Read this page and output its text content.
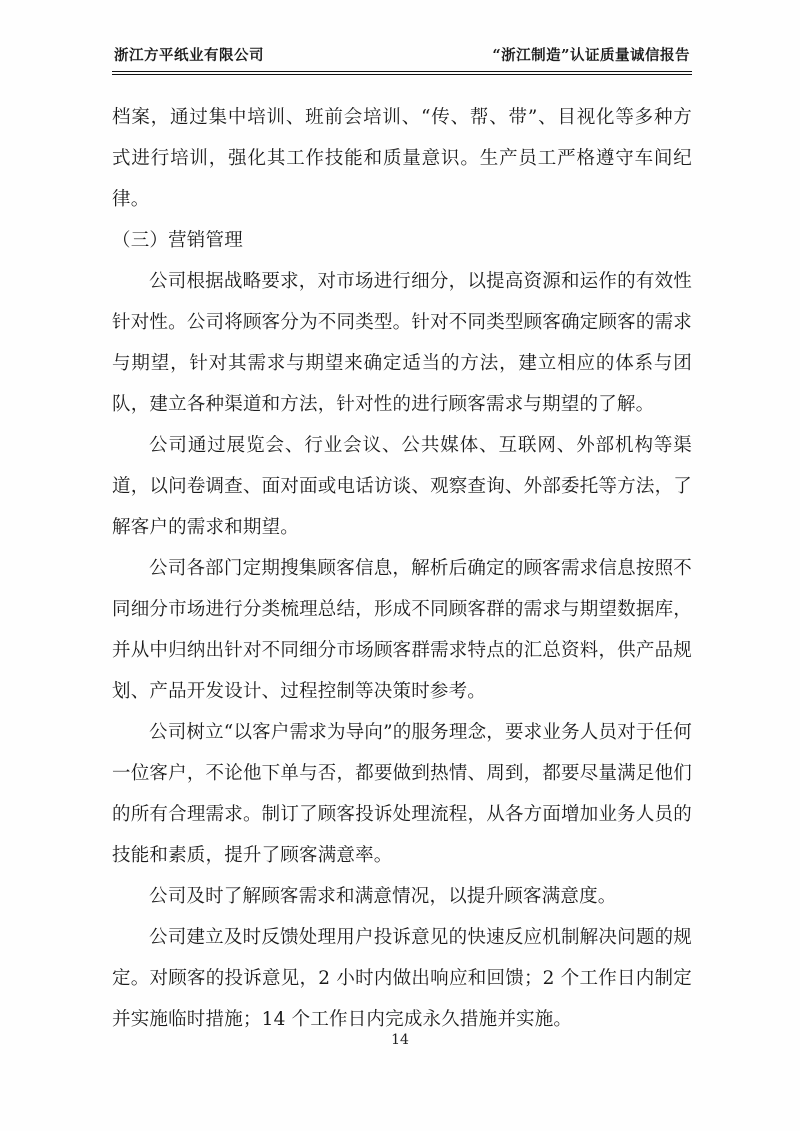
浙江方平纸业有限公司	“浙江制造”认证质量诚信报告

档案，通过集中培训、班前会培训、“传、帮、带”、目视化等多种方式进行培训，强化其工作技能和质量意识。生产员工严格遵守车间纪律。

（三）营销管理

公司根据战略要求，对市场进行细分，以提高资源和运作的有效性针对性。公司将顾客分为不同类型。针对不同类型顾客确定顾客的需求与期望，针对其需求与期望来确定适当的方法，建立相应的体系与团队，建立各种渠道和方法，针对性的进行顾客需求与期望的了解。

公司通过展览会、行业会议、公共媒体、互联网、外部机构等渠道，以问卷调查、面对面或电话访谈、观察查询、外部委托等方法，了解客户的需求和期望。

公司各部门定期搜集顾客信息，解析后确定的顾客需求信息按照不同细分市场进行分类梳理总结，形成不同顾客群的需求与期望数据库，并从中归纳出针对不同细分市场顾客群需求特点的汇总资料，供产品规划、产品开发设计、过程控制等决策时参考。

公司树立“以客户需求为导向”的服务理念，要求业务人员对于任何一位客户，不论他下单与否，都要做到热情、周到，都要尽量满足他们的所有合理需求。制订了顾客投诉处理流程，从各方面增加业务人员的技能和素质，提升了顾客满意率。

公司及时了解顾客需求和满意情况，以提升顾客满意度。

公司建立及时反馈处理用户投诉意见的快速反应机制解决问题的规定。对顾客的投诉意见，2 小时内做出响应和回馈；2 个工作日内制定并实施临时措施；14 个工作日内完成永久措施并实施。

14
